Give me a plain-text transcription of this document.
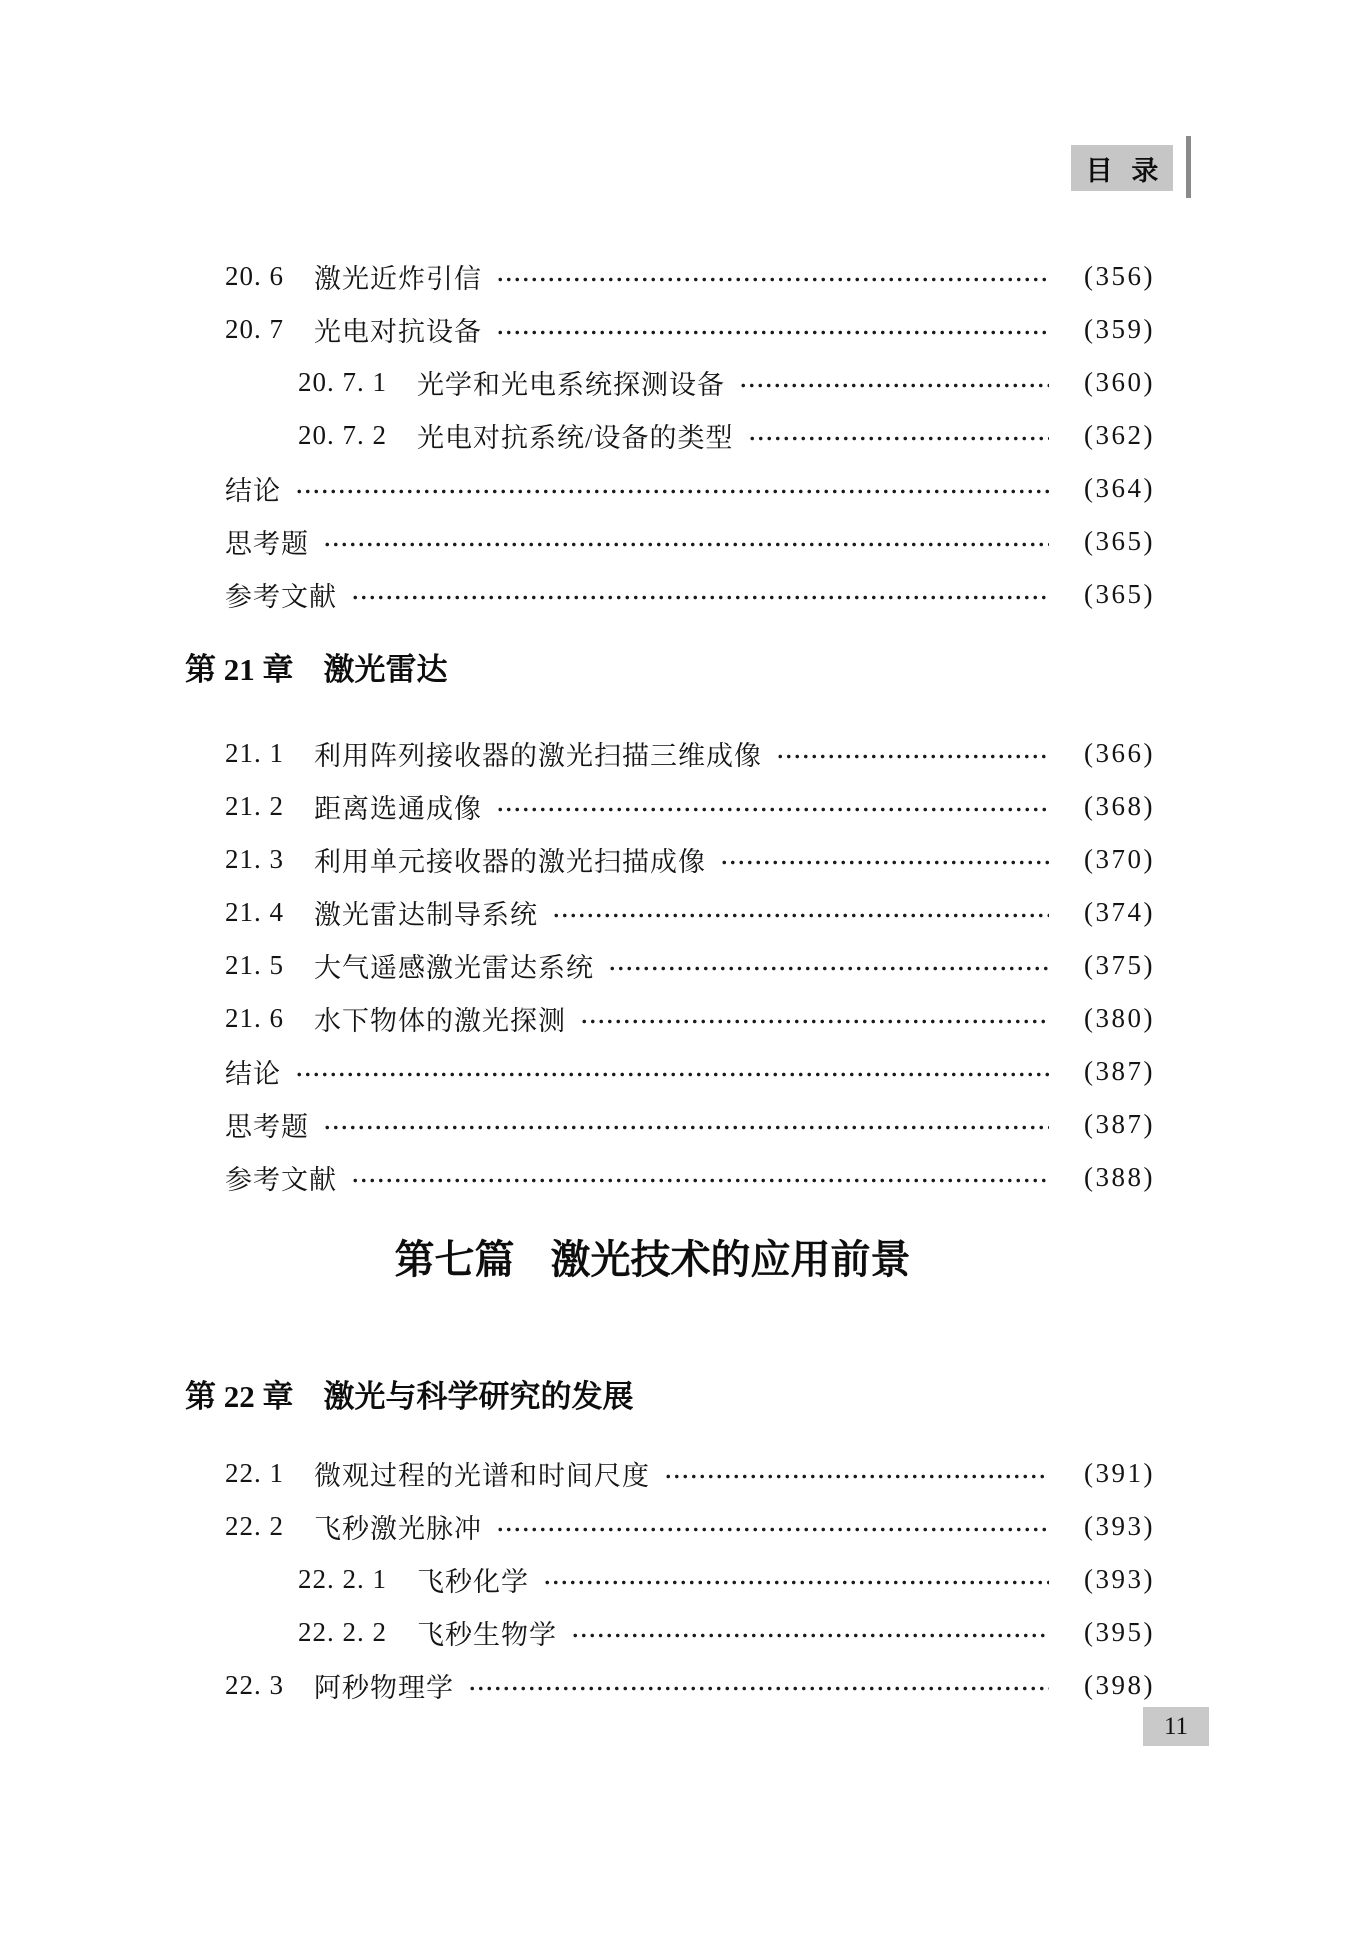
目 录
20. 6 激光近炸引信	(356)
20. 7 光电对抗设备	(359)
20. 7. 1 光学和光电系统探测设备	(360)
20. 7. 2 光电对抗系统/设备的类型	(362)
结论	(364)
思考题	(365)
参考文献	(365)
第 21 章 激光雷达
21. 1 利用阵列接收器的激光扫描三维成像	(366)
21. 2 距离选通成像	(368)
21. 3 利用单元接收器的激光扫描成像	(370)
21. 4 激光雷达制导系统	(374)
21. 5 大气遥感激光雷达系统	(375)
21. 6 水下物体的激光探测	(380)
结论	(387)
思考题	(387)
参考文献	(388)
第七篇 激光技术的应用前景
第 22 章 激光与科学研究的发展
22. 1 微观过程的光谱和时间尺度	(391)
22. 2 飞秒激光脉冲	(393)
22. 2. 1 飞秒化学	(393)
22. 2. 2 飞秒生物学	(395)
22. 3 阿秒物理学	(398)
11
